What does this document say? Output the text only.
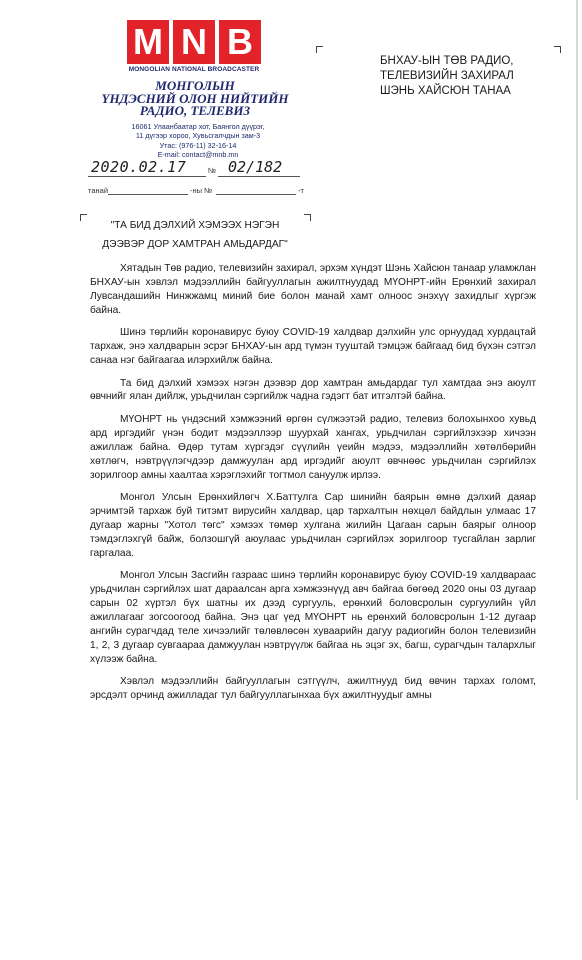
M N B
MONGOLIAN NATIONAL BROADCASTER
МОНГОЛЫН
ҮНДЭСНИЙ ОЛОН НИЙТИЙН
РАДИО, ТЕЛЕВИЗ
16061 Улаанбаатар хот, Баянгол дүүрэг,
11 дүгээр хороо, Хувьсгалчдын зам-3
Утас: (976-11) 32-16-14
E-mail: contact@mnb.mn
2020.02.17	№ 02/182
танай	-ны №	-т
БНХАУ-ЫН ТӨВ РАДИО,
ТЕЛЕВИЗИЙН ЗАХИРАЛ
ШЭНЬ ХАЙСЮН ТАНАА
"ТА БИД ДЭЛХИЙ ХЭМЭЭХ НЭГЭН
ДЭЭВЭР ДОР ХАМТРАН АМЬДАРДАГ"

Хятадын Төв радио, телевизийн захирал, эрхэм хүндэт Шэнь Хайсюн танаар уламжлан БНХАУ-ын хэвлэл мэдээллийн байгууллагын ажилтнуудад МҮОНРТ-ийн Ерөнхий захирал Лувсандашийн Нинжжамц миний бие болон манай хамт олноос энэхүү захидлыг хүргэж байна.

Шинэ төрлийн коронавирус буюу COVID-19 халдвар дэлхийн улс орнуудад хурдацтай тархаж, энэ халдварын эсрэг БНХАУ-ын ард түмэн тууштай тэмцэж байгаад бид бүхэн сэтгэл санаа нэг байгаагаа илэрхийлж байна.

Та бид дэлхий хэмээх нэгэн дээвэр дор хамтран амьдардаг тул хамтдаа энэ аюулт өвчнийг ялан дийлж, урьдчилан сэргийлж чадна гэдэгт бат итгэлтэй байна.

МҮОНРТ нь үндэсний хэмжээний өргөн сүлжээтэй радио, телевиз болохынхоо хувьд ард иргэдийг үнэн бодит мэдээллээр шуурхай хангах, урьдчилан сэргийлэхээр хичээн ажиллаж байна. Өдөр тутам хүргэдэг сүүлийн үеийн мэдээ, мэдээллийн хөтөлбөрийн хөтлөгч, нэвтрүүлэгчдээр дамжуулан ард иргэдийг аюулт өвчнөөс урьдчилан сэргийлэх зорилгоор амны хаалтаа хэрэглэхийг тогтмол сануулж ирлээ.

Монгол Улсын Ерөнхийлөгч Х.Баттулга Сар шинийн баярын өмнө дэлхий даяар эрчимтэй тархаж буй титэмт вирусийн халдвар, цар тархалтын нөхцөл байдлын улмаас 17 дугаар жарны "Хотол төгс" хэмээх төмөр хулгана жилийн Цагаан сарын баярыг олноор тэмдэглэхгүй байж, болзошгүй аюулаас урьдчилан сэргийлэх зорилгоор тусгайлан зарлиг гаргалаа.

Монгол Улсын Засгийн газраас шинэ төрлийн коронавирус буюу COVID-19 халдвараас урьдчилан сэргийлэх шат дараалсан арга хэмжээнүүд авч байгаа бөгөөд 2020 оны 03 дугаар сарын 02 хүртэл бүх шатны их дээд сургууль, ерөнхий боловсролын сургуулийн үйл ажиллагааг зогсоогоод байна. Энэ цаг үед МҮОНРТ нь ерөнхий боловсролын 1-12 дугаар ангийн сурагчдад теле хичээлийг төлөвлөсөн хуваарийн дагуу радиогийн болон телевизийн 1, 2, 3 дугаар сувгаараа дамжуулан нэвтрүүлж байгаа нь эцэг эх, багш, сурагчдын талархлыг хүлээж байна.

Хэвлэл мэдээллийн байгууллагын сэтгүүлч, ажилтнууд бид өвчин тархах голомт, эрсдэлт орчинд ажилладаг тул байгууллагынхаа бүх ажилтнуудыг амны
